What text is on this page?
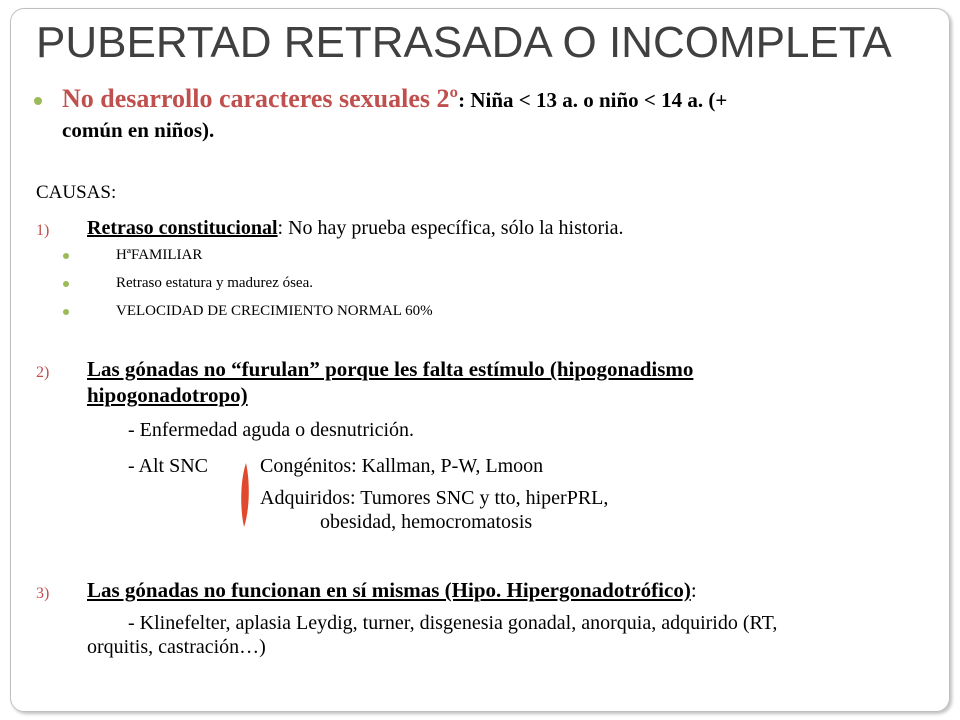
PUBERTAD RETRASADA O INCOMPLETA
No desarrollo caracteres sexuales 2º: Niña < 13 a. o niño < 14 a. (+
común en niños).
CAUSAS:
1) Retraso constitucional: No hay prueba específica, sólo la historia.
HªFAMILIAR
Retraso estatura y madurez ósea.
VELOCIDAD DE CRECIMIENTO NORMAL 60%
2) Las gónadas no “furulan” porque les falta estímulo (hipogonadismo
hipogonadotropo)
- Enfermedad aguda o desnutrición.
- Alt SNC	Congénitos: Kallman, P-W, Lmoon
Adquiridos: Tumores SNC y tto, hiperPRL,
obesidad, hemocromatosis
3) Las gónadas no funcionan en sí mismas (Hipo. Hipergonadotrófico):
- Klinefelter, aplasia Leydig, turner, disgenesia gonadal, anorquia, adquirido (RT,
orquitis, castración…)
